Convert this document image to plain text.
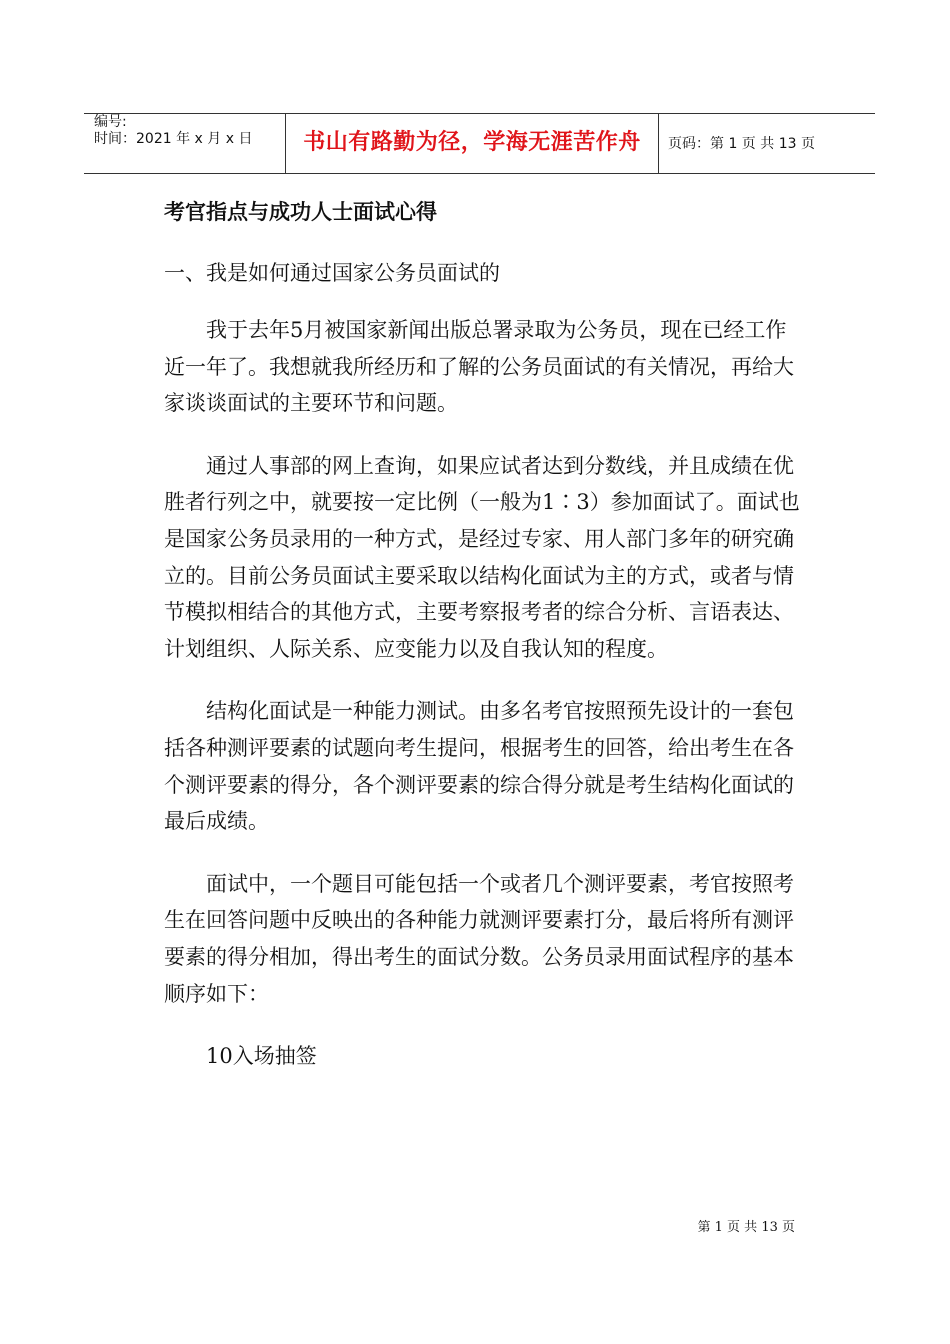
编号:
时间：2021 年 x 月 x 日	书山有路勤为径，学海无涯苦作舟	页码：第 1 页 共 13 页
考官指点与成功人士面试心得
一、我是如何通过国家公务员面试的

我于去年5月被国家新闻出版总署录取为公务员，现在已经工作近一年了。我想就我所经历和了解的公务员面试的有关情况，再给大家谈谈面试的主要环节和问题。

通过人事部的网上查询，如果应试者达到分数线，并且成绩在优胜者行列之中，就要按一定比例（一般为1∶3）参加面试了。面试也是国家公务员录用的一种方式，是经过专家、用人部门多年的研究确立的。目前公务员面试主要采取以结构化面试为主的方式，或者与情节模拟相结合的其他方式，主要考察报考者的综合分析、言语表达、计划组织、人际关系、应变能力以及自我认知的程度。

结构化面试是一种能力测试。由多名考官按照预先设计的一套包括各种测评要素的试题向考生提问，根据考生的回答，给出考生在各个测评要素的得分，各个测评要素的综合得分就是考生结构化面试的最后成绩。

面试中，一个题目可能包括一个或者几个测评要素，考官按照考生在回答问题中反映出的各种能力就测评要素打分，最后将所有测评要素的得分相加，得出考生的面试分数。公务员录用面试程序的基本顺序如下：

10入场抽签

第 1 页 共 13 页
